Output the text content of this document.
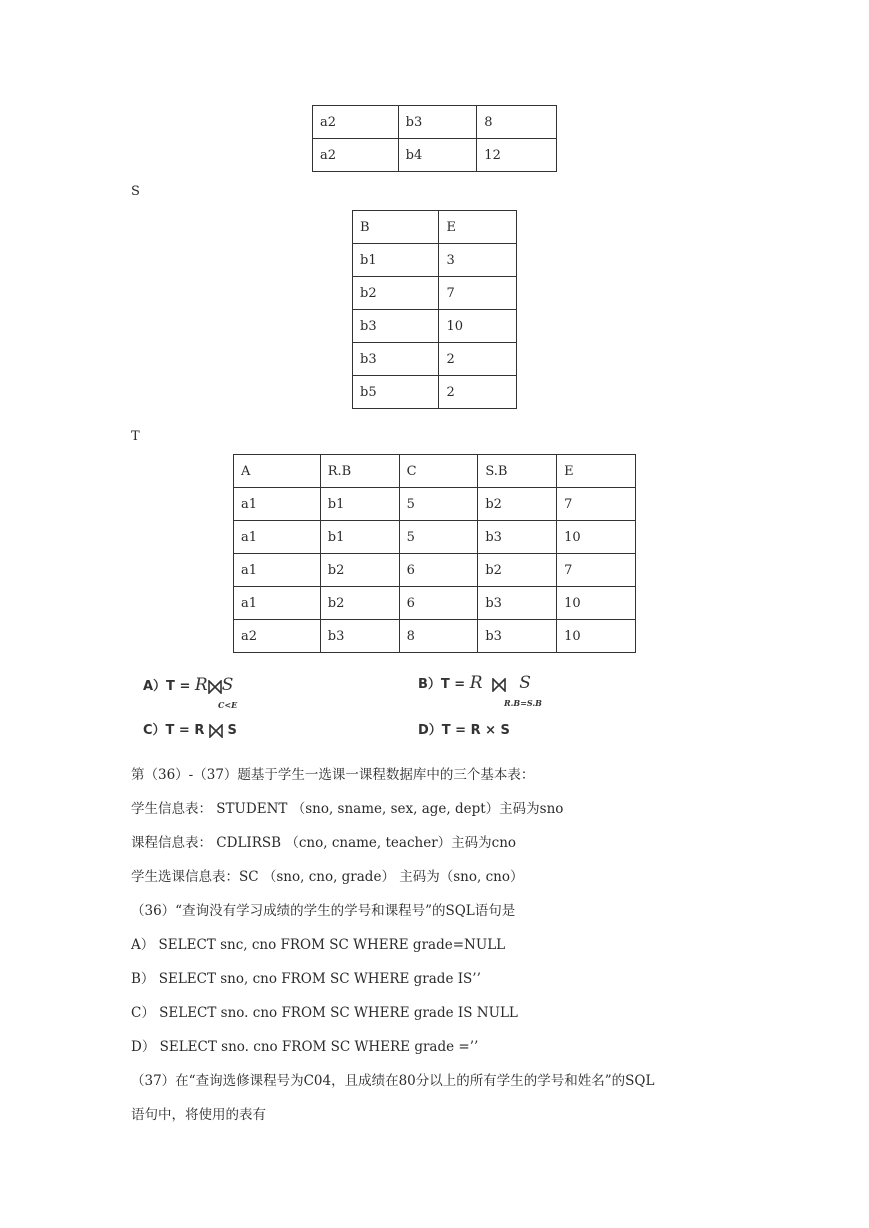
a2	b3	8
a2	b4	12
S
B	E
b1	3
b2	7
b3	10
b3	2
b5	2
T
A	R.B	C	S.B	E
a1	b1	5	b2	7
a1	b1	5	b3	10
a1	b2	6	b2	7
a1	b2	6	b3	10
a2	b3	8	b3	10
A）T = R S
C<E
B）T = R S
R.B=S.B
C）T = R S	D）T = R × S
第（36）-（37）题基于学生一选课一课程数据库中的三个基本表：
学生信息表： STUDENT （sno, sname, sex, age, dept）主码为sno
课程信息表： CDLIRSB （cno, cname, teacher）主码为cno
学生选课信息表：SC （sno, cno, grade） 主码为（sno, cno）
（36）“查询没有学习成绩的学生的学号和课程号”的SQL语句是
A） SELECT snc, cno FROM SC WHERE grade=NULL
B） SELECT sno, cno FROM SC WHERE grade IS’’
C） SELECT sno. cno FROM SC WHERE grade IS NULL
D） SELECT sno. cno FROM SC WHERE grade =’’
（37）在“查询选修课程号为C04，且成绩在80分以上的所有学生的学号和姓名”的SQL
语句中，将使用的表有
